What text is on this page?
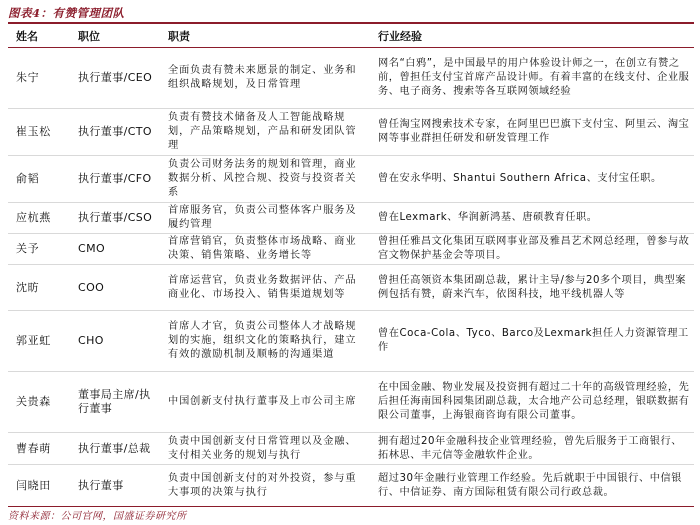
图表4：有赞管理团队
姓名	职位	职责	行业经验
朱宁	执行董事/CEO	全面负责有赞未来愿景的制定、业务和组织战略规划，及日常管理	网名“白鸦”，是中国最早的用户体验设计师之一，在创立有赞之前，曾担任支付宝首席产品设计师。有着丰富的在线支付、企业服务、电子商务、搜索等各互联网领域经验
崔玉松	执行董事/CTO	负责有赞技术储备及人工智能战略规划，产品策略规划，产品和研发团队管理	曾任淘宝网搜索技术专家，在阿里巴巴旗下支付宝、阿里云、淘宝网等事业群担任研发和研发管理工作
俞韬	执行董事/CFO	负责公司财务法务的规划和管理，商业数据分析、风控合规、投资与投资者关系	曾在安永华明、Shantui Southern Africa、支付宝任职。
应杭燕	执行董事/CSO	首席服务官，负责公司整体客户服务及履约管理	曾在Lexmark、华润新鸿基、唐硕教育任职。
关予	CMO	首席营销官，负责整体市场战略、商业决策、销售策略、业务增长等	曾担任雅昌文化集团互联网事业部及雅昌艺术网总经理，曾参与故宫文物保护基金会等项目。
沈昉	COO	首席运营官，负责业务数据评估、产品商业化、市场投入、销售渠道规划等	曾担任高领资本集团副总裁，累计主导/参与20多个项目，典型案例包括有赞，蔚来汽车，依图科技，地平线机器人等
郭亚虹	CHO	首席人才官，负责公司整体人才战略规划的实施，组织文化的策略执行，建立有效的激励机制及顺畅的沟通渠道	曾在Coca-Cola、Tyco、Barco及Lexmark担任人力资源管理工作
关贵森	董事局主席/执行董事	中国创新支付执行董事及上市公司主席	在中国金融、物业发展及投资拥有超过二十年的高级管理经验，先后担任海南国科园集团副总裁，太合地产公司总经理，银联数据有限公司董事，上海银商咨询有限公司董事。
曹春萌	执行董事/总裁	负责中国创新支付日常管理以及金融、支付相关业务的规划与执行	拥有超过20年金融科技企业管理经验，曾先后服务于工商银行、拓林思、丰元信等金融软件企业。
闫晓田	执行董事	负责中国创新支付的对外投资，参与重大事项的决策与执行	超过30年金融行业管理工作经验。先后就职于中国银行、中信银行、中信证券、南方国际租赁有限公司行政总裁。
资料来源：公司官网，国盛证券研究所
